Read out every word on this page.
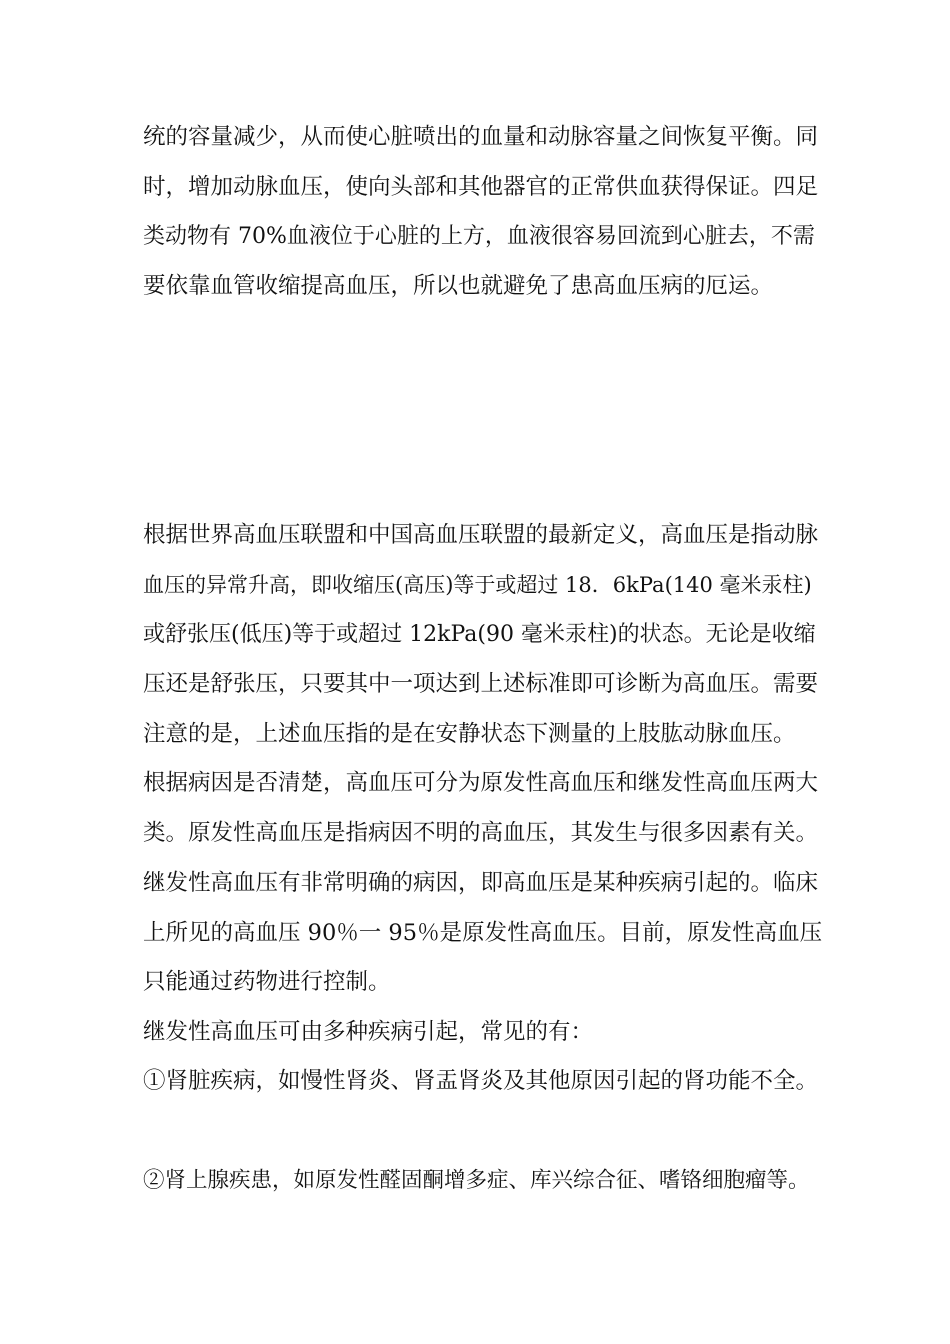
统的容量减少，从而使心脏喷出的血量和动脉容量之间恢复平衡。同
时，增加动脉血压，使向头部和其他器官的正常供血获得保证。四足
类动物有 70%血液位于心脏的上方，血液很容易回流到心脏去，不需
要依靠血管收缩提高血压，所以也就避免了患高血压病的厄运。
根据世界高血压联盟和中国高血压联盟的最新定义，高血压是指动脉
血压的异常升高，即收缩压(高压)等于或超过 18．6kPa(140 毫米汞柱)
或舒张压(低压)等于或超过 12kPa(90 毫米汞柱)的状态。无论是收缩
压还是舒张压，只要其中一项达到上述标准即可诊断为高血压。需要
注意的是，上述血压指的是在安静状态下测量的上肢肱动脉血压。
根据病因是否清楚，高血压可分为原发性高血压和继发性高血压两大
类。原发性高血压是指病因不明的高血压，其发生与很多因素有关。
继发性高血压有非常明确的病因，即高血压是某种疾病引起的。临床
上所见的高血压 90％一 95％是原发性高血压。目前，原发性高血压
只能通过药物进行控制。
继发性高血压可由多种疾病引起，常见的有：
①肾脏疾病，如慢性肾炎、肾盂肾炎及其他原因引起的肾功能不全。
②肾上腺疾患，如原发性醛固酮增多症、库兴综合征、嗜铬细胞瘤等。
